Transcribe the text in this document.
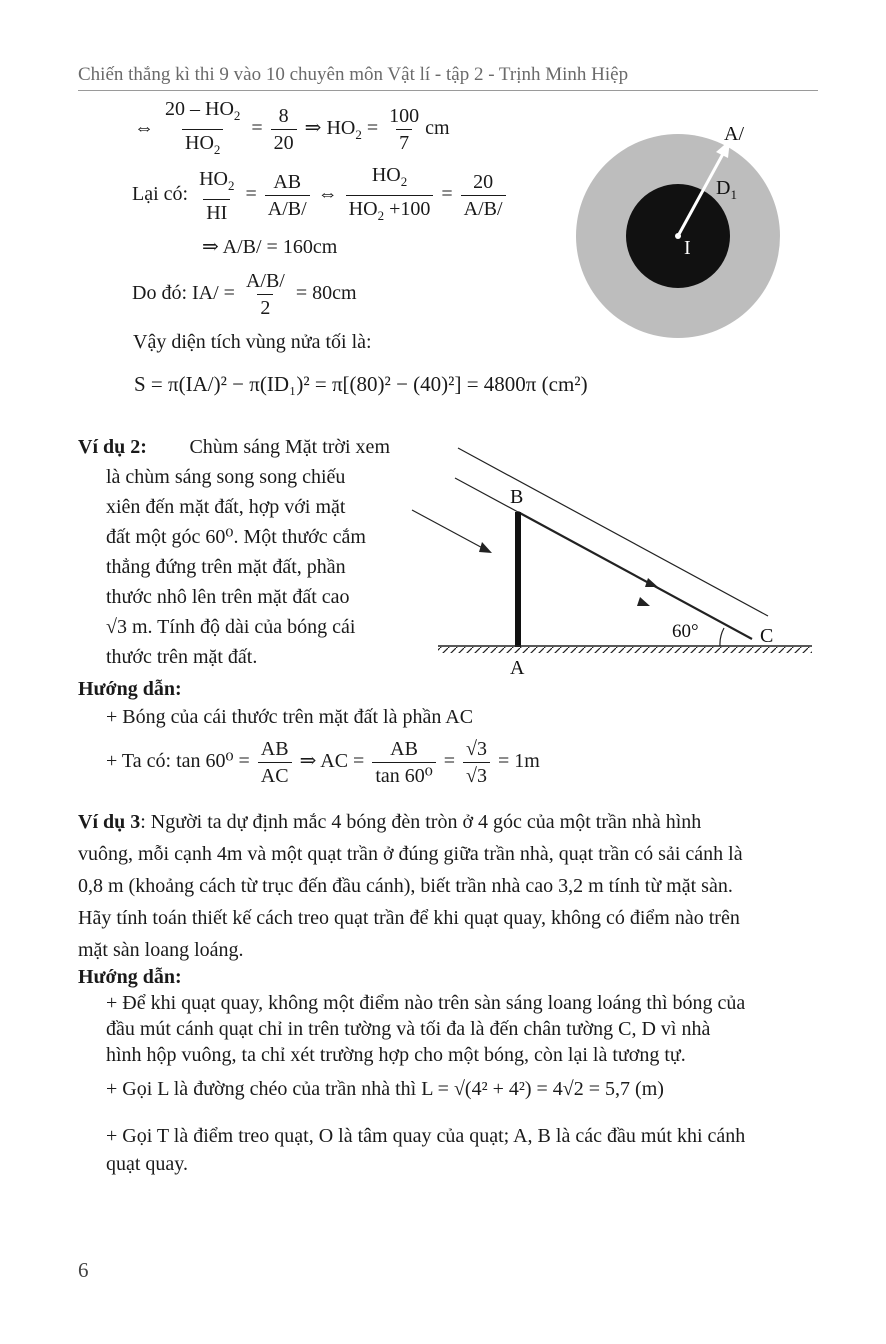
Chiến thắng kì thi 9 vào 10 chuyên môn Vật lí - tập 2 - Trịnh Minh Hiệp
⇔ $\frac{20 - HO_2}{HO_2} = \frac{8}{20}$ ⇒ $HO_2 = \frac{100}{7}$ cm
Lại có: $\frac{HO_2}{HI} = \frac{AB}{A/B/}$ ⇔ $\frac{HO_2}{HO_2 +100} = \frac{20}{A/B/}$
⇒ A/B/ = 160cm
Do đó: $IA/ = \frac{A/B/}{2} = 80cm$
Vậy diện tích vùng nửa tối là:
S = π(IA/)² − π(ID₁)² = π[(80)² − (40)²] = 4800π (cm²)
A/
$D_1$
I
Ví dụ 2: Chùm sáng Mặt trời xem
là chùm sáng song song chiếu
xiên đến mặt đất, hợp với mặt
đất một góc 60⁰. Một thước cắm
thẳng đứng trên mặt đất, phần
thước nhô lên trên mặt đất cao
√3 m. Tính độ dài của bóng cái
thước trên mặt đất.
B
A
C
60°
Hướng dẫn:
+ Bóng của cái thước trên mặt đất là phần AC
+ Ta có: $\tan 60^0 = \frac{AB}{AC}$ ⇒ AC = $\frac{AB}{\text{tan 60⁰}} = \frac{√3}{√3} = 1m$
Ví dụ 3: Người ta dự định mắc 4 bóng đèn tròn ở 4 góc của một trần nhà hình
vuông, mỗi cạnh 4m và một quạt trần ở đúng giữa trần nhà, quạt trần có sải cánh là
0,8 m (khoảng cách từ trục đến đầu cánh), biết trần nhà cao 3,2 m tính từ mặt sàn.
Hãy tính toán thiết kế cách treo quạt trần để khi quạt quay, không có điểm nào trên
mặt sàn loang loáng.
Hướng dẫn:
+ Để khi quạt quay, không một điểm nào trên sàn sáng loang loáng thì bóng của
đầu mút cánh quạt chỉ in trên tường và tối đa là đến chân tường C, D vì nhà
hình hộp vuông, ta chỉ xét trường hợp cho một bóng, còn lại là tương tự.
+ Gọi L là đường chéo của trần nhà thì L = √(4² + 4²) = 4√2 = 5,7 (m)
+ Gọi T là điểm treo quạt, O là tâm quay của quạt; A, B là các đầu mút khi cánh
quạt quay.
6
